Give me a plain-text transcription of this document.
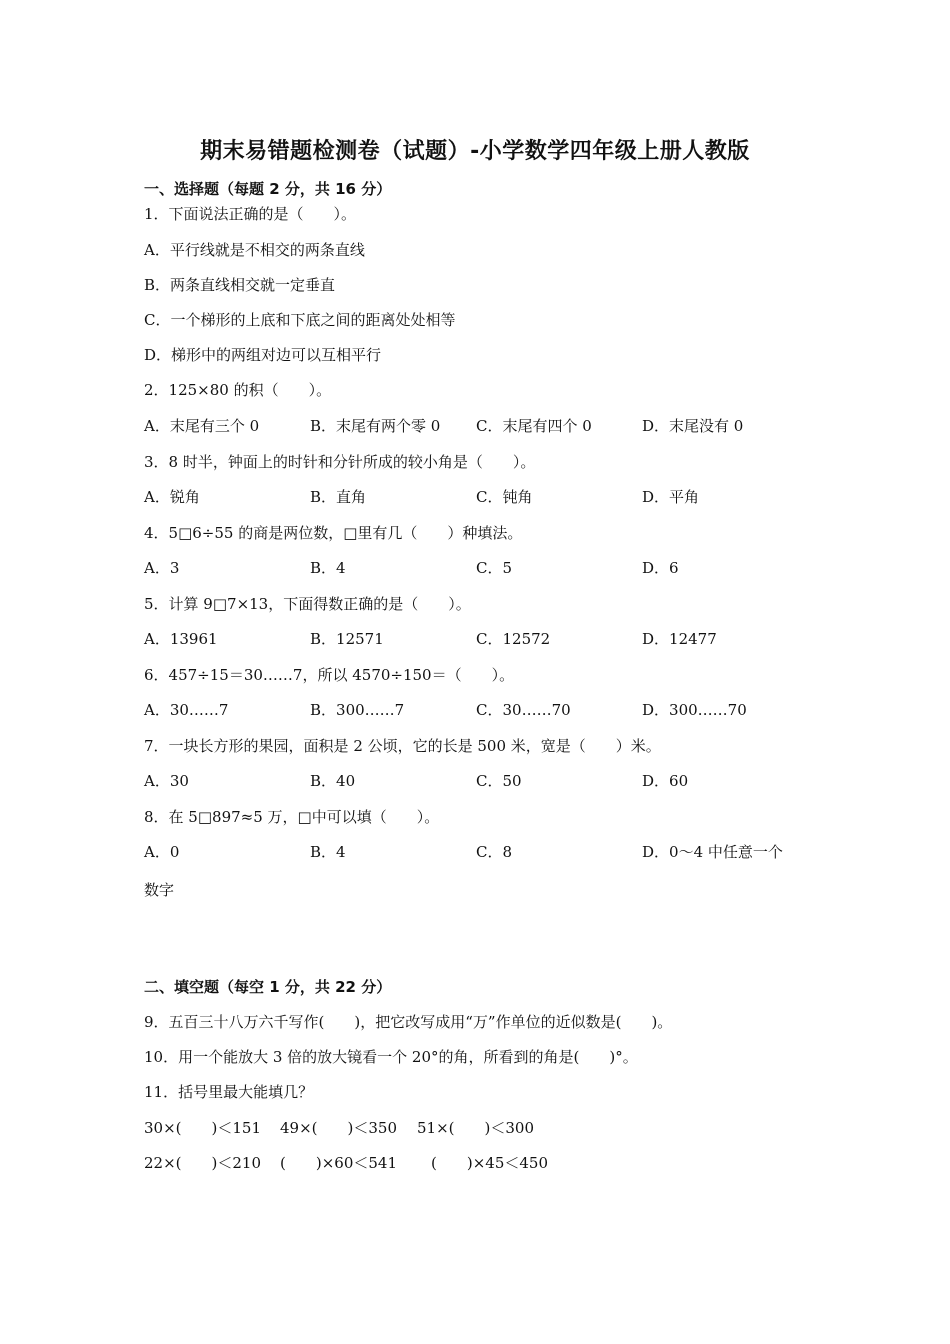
期末易错题检测卷（试题）-小学数学四年级上册人教版
一、选择题（每题 2 分，共 16 分）
1．下面说法正确的是（　　）。
A．平行线就是不相交的两条直线
B．两条直线相交就一定垂直
C．一个梯形的上底和下底之间的距离处处相等
D．梯形中的两组对边可以互相平行
2．125×80 的积（　　）。
A．末尾有三个 0	B．末尾有两个零 0 C．末尾有四个 0	D．末尾没有 0
3．8 时半，钟面上的时针和分针所成的较小角是（　　）。
A．锐角	B．直角	C．钝角	D．平角
4．5□6÷55 的商是两位数，□里有几（　　）种填法。
A．3	B．4	C．5	D．6
5．计算 9□7×13，下面得数正确的是（　　）。
A．13961	B．12571	C．12572	D．12477
6．457÷15＝30……7，所以 4570÷150＝（　　）。
A．30……7	B．300……7	C．30……70	D．300……70
7．一块长方形的果园，面积是 2 公顷，它的长是 500 米，宽是（　　）米。
A．30	B．40	C．50	D．60
8．在 5□897≈5 万，□中可以填（　　）。
A．0	B．4	C．8	D．0～4 中任意一个
数字
二、填空题（每空 1 分，共 22 分）
9．五百三十八万六千写作(　　)，把它改写成用“万”作单位的近似数是(　　)。
10．用一个能放大 3 倍的放大镜看一个 20°的角，所看到的角是(　　)°。
11．括号里最大能填几？
30×(　　)＜151 49×(　　)＜350 51×(　　)＜300
22×(　　)＜210 (　　)×60＜541 (　　)×45＜450
